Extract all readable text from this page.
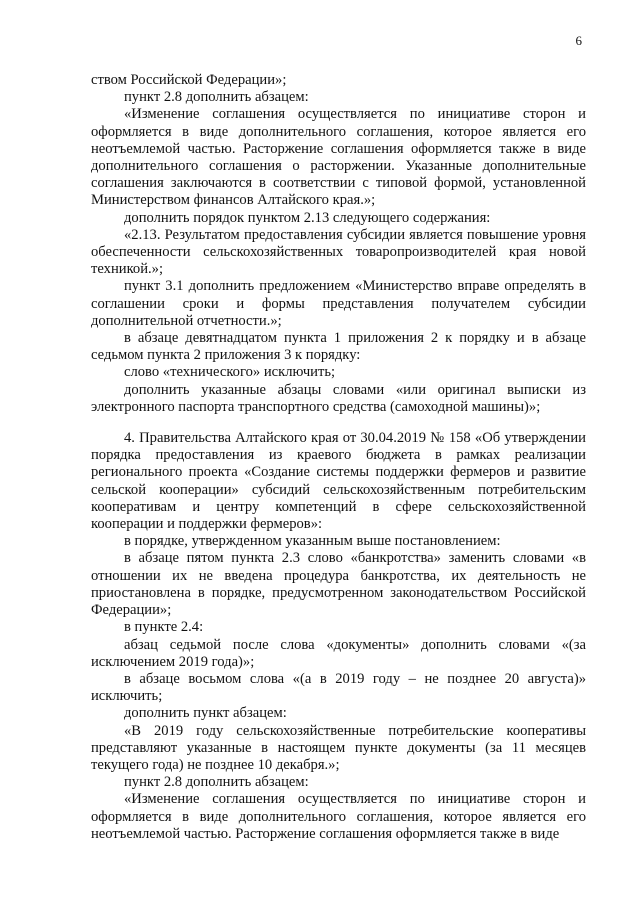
6

ством Российской Федерации»;

пункт 2.8 дополнить абзацем:

«Изменение соглашения осуществляется по инициативе сторон и оформляется в виде дополнительного соглашения, которое является его неотъемлемой частью. Расторжение соглашения оформляется также в виде дополнительного соглашения о расторжении. Указанные дополнительные соглашения заключаются в соответствии с типовой формой, установленной Министерством финансов Алтайского края.»;

дополнить порядок пунктом 2.13 следующего содержания:

«2.13. Результатом предоставления субсидии является повышение уровня обеспеченности сельскохозяйственных товаропроизводителей края новой техникой.»;

пункт 3.1 дополнить предложением «Министерство вправе определять в соглашении сроки и формы представления получателем субсидии дополнительной отчетности.»;

в абзаце девятнадцатом пункта 1 приложения 2 к порядку и в абзаце седьмом пункта 2 приложения 3 к порядку:

слово «технического» исключить;

дополнить указанные абзацы словами «или оригинал выписки из электронного паспорта транспортного средства (самоходной машины)»;

4. Правительства Алтайского края от 30.04.2019 № 158 «Об утверждении порядка предоставления из краевого бюджета в рамках реализации регионального проекта «Создание системы поддержки фермеров и развитие сельской кооперации» субсидий сельскохозяйственным потребительским кооперативам и центру компетенций в сфере сельскохозяйственной кооперации и поддержки фермеров»:

в порядке, утвержденном указанным выше постановлением:

в абзаце пятом пункта 2.3 слово «банкротства» заменить словами «в отношении их не введена процедура банкротства, их деятельность не приостановлена в порядке, предусмотренном законодательством Российской Федерации»;

в пункте 2.4:

абзац седьмой после слова «документы» дополнить словами «(за исключением 2019 года)»;

в абзаце восьмом слова «(а в 2019 году – не позднее 20 августа)» исключить;

дополнить пункт абзацем:

«В 2019 году сельскохозяйственные потребительские кооперативы представляют указанные в настоящем пункте документы (за 11 месяцев текущего года) не позднее 10 декабря.»;

пункт 2.8 дополнить абзацем:

«Изменение соглашения осуществляется по инициативе сторон и оформляется в виде дополнительного соглашения, которое является его неотъемлемой частью. Расторжение соглашения оформляется также в виде
